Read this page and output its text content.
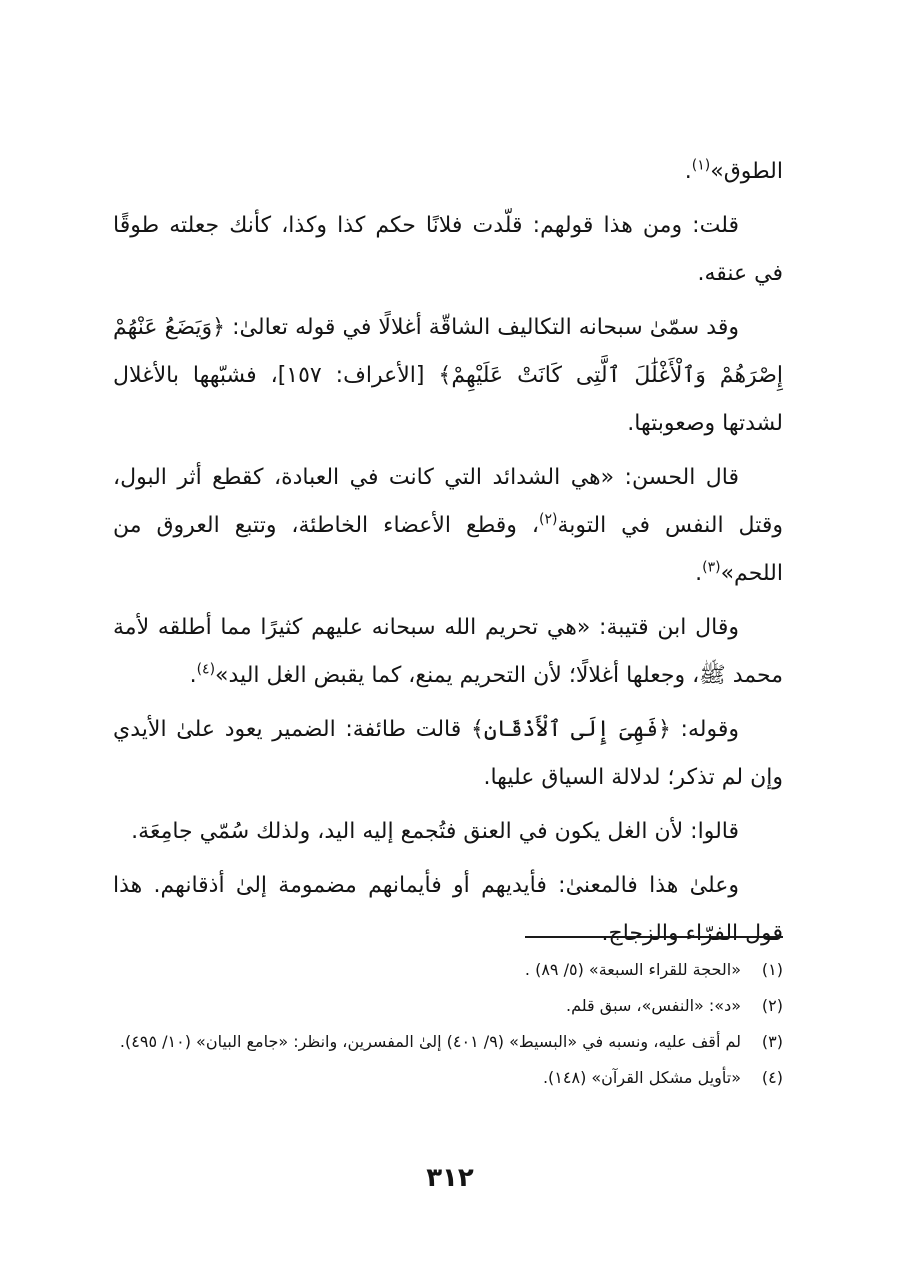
الطوق»$^{(١)}$.

قلت: ومن هذا قولهم: قلّدت فلانًا حكم كذا وكذا، كأنك جعلته طوقًا في عنقه.

وقد سمّىٰ سبحانه التكاليف الشاقّة أغلالًا في قوله تعالىٰ: ﴿وَيَضَعُ عَنْهُمْ إِصْرَهُمْ وَٱلْأَغْلَٰلَ ٱلَّتِى كَانَتْ عَلَيْهِمْ﴾ [الأعراف: ١٥٧]، فشبّهها بالأغلال لشدتها وصعوبتها.

قال الحسن: «هي الشدائد التي كانت في العبادة، كقطع أثر البول، وقتل النفس في التوبة$^{(٢)}$، وقطع الأعضاء الخاطئة، وتتبع العروق من اللحم»$^{(٣)}$.

وقال ابن قتيبة: «هي تحريم الله سبحانه عليهم كثيرًا مما أطلقه لأمة محمد ﷺ، وجعلها أغلالًا؛ لأن التحريم يمنع، كما يقبض الغل اليد»$^{(٤)}$.

وقوله: ﴿فَهِىَ إِلَى ٱلْأَذْقَانِ﴾ قالت طائفة: الضمير يعود علىٰ الأيدي وإن لم تذكر؛ لدلالة السياق عليها.

قالوا: لأن الغل يكون في العنق فتُجمع إليه اليد، ولذلك سُمّي جامِعَة.

وعلىٰ هذا فالمعنىٰ: فأيديهم أو فأيمانهم مضمومة إلىٰ أذقانهم. هذا قول الفرّاء والزجاج.

(١)
«الحجة للقراء السبعة» (٥/ ٨٩) .
(٢)
«د»: «النفس»، سبق قلم.
(٣)
لم أقف عليه، ونسبه في «البسيط» (٩/ ٤٠١) إلىٰ المفسرين، وانظر: «جامع البيان» (١٠/ ٤٩٥).
(٤)
«تأويل مشكل القرآن» (١٤٨).
٣١٢
